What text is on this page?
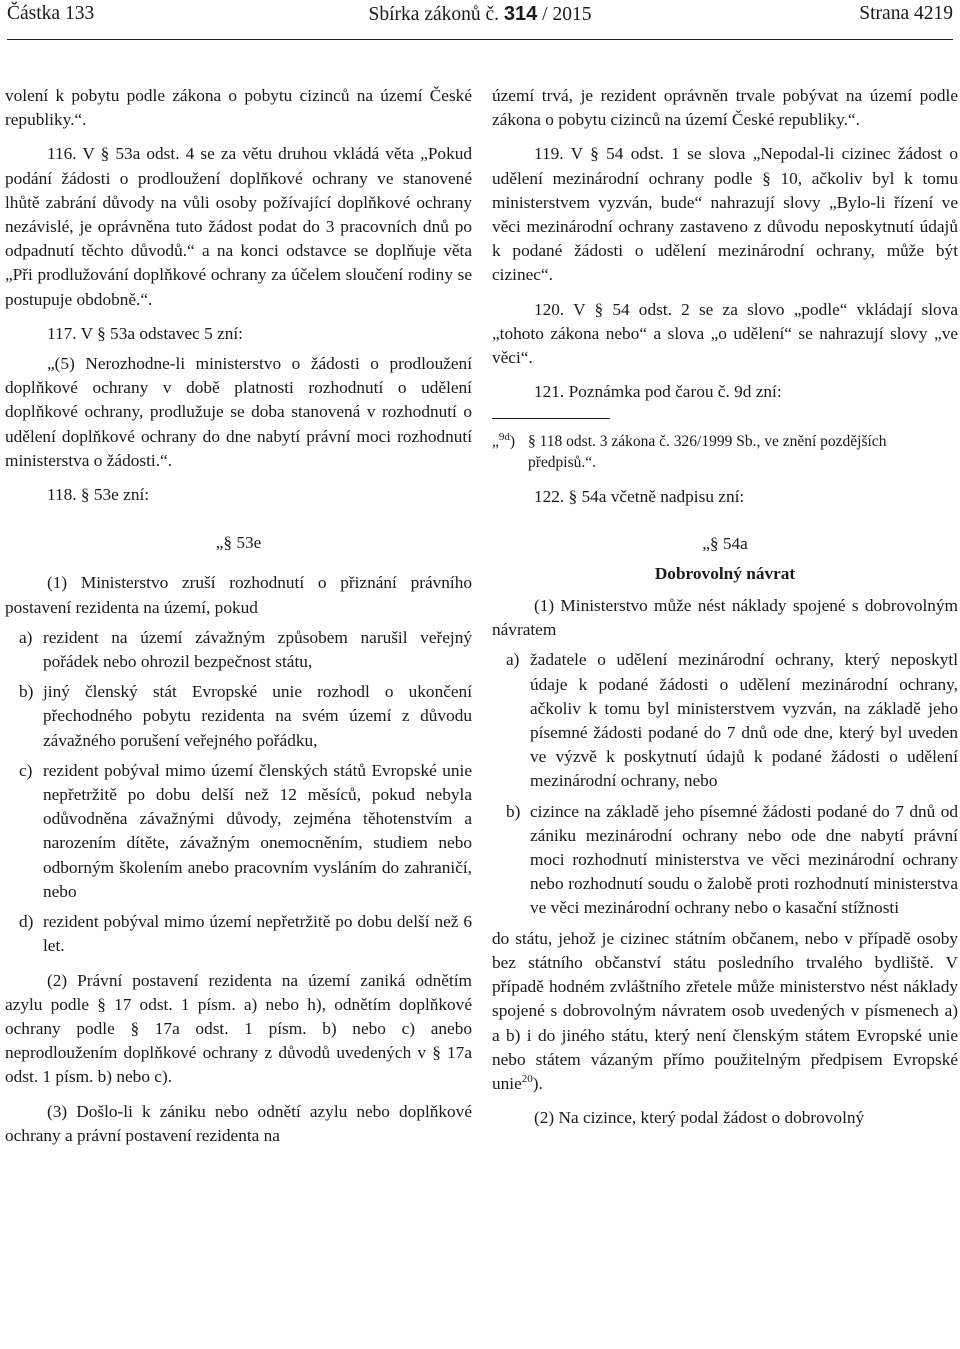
Částka 133	Sbírka zákonů č. 314 / 2015	Strana 4219

volení k pobytu podle zákona o pobytu cizinců na území České republiky.“.

116. V § 53a odst. 4 se za větu druhou vkládá věta „Pokud podání žádosti o prodloužení doplňkové ochrany ve stanovené lhůtě zabrání důvody na vůli osoby požívající doplňkové ochrany nezávislé, je oprávněna tuto žádost podat do 3 pracovních dnů po odpadnutí těchto důvodů.“ a na konci odstavce se doplňuje věta „Při prodlužování doplňkové ochrany za účelem sloučení rodiny se postupuje obdobně.“.

117. V § 53a odstavec 5 zní:

„(5) Nerozhodne-li ministerstvo o žádosti o prodloužení doplňkové ochrany v době platnosti rozhodnutí o udělení doplňkové ochrany, prodlužuje se doba stanovená v rozhodnutí o udělení doplňkové ochrany do dne nabytí právní moci rozhodnutí ministerstva o žádosti.“.

118. § 53e zní:

„§ 53e

(1) Ministerstvo zruší rozhodnutí o přiznání právního postavení rezidenta na území, pokud

a) rezident na území závažným způsobem narušil veřejný pořádek nebo ohrozil bezpečnost státu,
b) jiný členský stát Evropské unie rozhodl o ukončení přechodného pobytu rezidenta na svém území z důvodu závažného porušení veřejného pořádku,
c) rezident pobýval mimo území členských států Evropské unie nepřetržitě po dobu delší než 12 měsíců, pokud nebyla odůvodněna závažnými důvody, zejména těhotenstvím a narozením dítěte, závažným onemocněním, studiem nebo odborným školením anebo pracovním vysláním do zahraničí, nebo
d) rezident pobýval mimo území nepřetržitě po dobu delší než 6 let.

(2) Právní postavení rezidenta na území zaniká odnětím azylu podle § 17 odst. 1 písm. a) nebo h), odnětím doplňkové ochrany podle § 17a odst. 1 písm. b) nebo c) anebo neprodloužením doplňkové ochrany z důvodů uvedených v § 17a odst. 1 písm. b) nebo c).

(3) Došlo-li k zániku nebo odnětí azylu nebo doplňkové ochrany a právní postavení rezidenta na

území trvá, je rezident oprávněn trvale pobývat na území podle zákona o pobytu cizinců na území České republiky.“.

119. V § 54 odst. 1 se slova „Nepodal-li cizinec žádost o udělení mezinárodní ochrany podle § 10, ačkoliv byl k tomu ministerstvem vyzván, bude“ nahrazují slovy „Bylo-li řízení ve věci mezinárodní ochrany zastaveno z důvodu neposkytnutí údajů k podané žádosti o udělení mezinárodní ochrany, může být cizinec“.

120. V § 54 odst. 2 se za slovo „podle“ vkládají slova „tohoto zákona nebo“ a slova „o udělení“ se nahrazují slovy „ve věci“.

121. Poznámka pod čarou č. 9d zní:

„$^{9d}$) § 118 odst. 3 zákona č. 326/1999 Sb., ve znění pozdějších předpisů.“.

122. § 54a včetně nadpisu zní:

„§ 54a

Dobrovolný návrat

(1) Ministerstvo může nést náklady spojené s dobrovolným návratem

a) žadatele o udělení mezinárodní ochrany, který neposkytl údaje k podané žádosti o udělení mezinárodní ochrany, ačkoliv k tomu byl ministerstvem vyzván, na základě jeho písemné žádosti podané do 7 dnů ode dne, který byl uveden ve výzvě k poskytnutí údajů k podané žádosti o udělení mezinárodní ochrany, nebo
b) cizince na základě jeho písemné žádosti podané do 7 dnů od zániku mezinárodní ochrany nebo ode dne nabytí právní moci rozhodnutí ministerstva ve věci mezinárodní ochrany nebo rozhodnutí soudu o žalobě proti rozhodnutí ministerstva ve věci mezinárodní ochrany nebo o kasační stížnosti

do státu, jehož je cizinec státním občanem, nebo v případě osoby bez státního občanství státu posledního trvalého bydliště. V případě hodném zvláštního zřetele může ministerstvo nést náklady spojené s dobrovolným návratem osob uvedených v písmenech a) a b) i do jiného státu, který není členským státem Evropské unie nebo státem vázaným přímo použitelným předpisem Evropské unie$^{20}$).

(2) Na cizince, který podal žádost o dobrovolný
